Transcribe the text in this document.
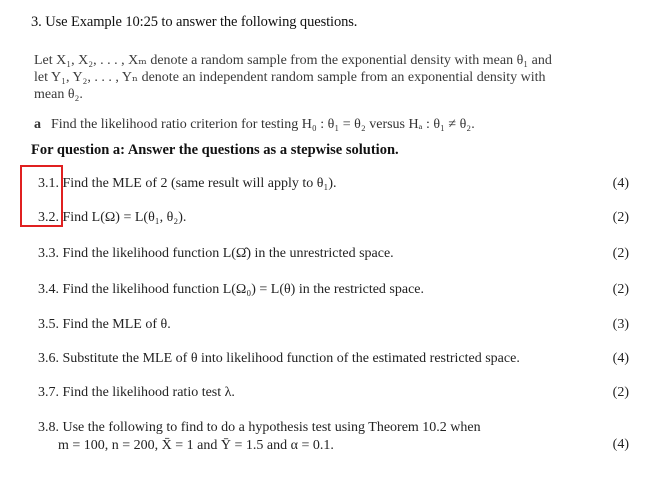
3. Use Example 10:25 to answer the following questions.
Let X₁, X₂, . . . , Xₘ denote a random sample from the exponential density with mean θ₁ and
let Y₁, Y₂, . . . , Yₙ denote an independent random sample from an exponential density with
mean θ₂.
a Find the likelihood ratio criterion for testing H₀ : θ₁ = θ₂ versus Hₐ : θ₁ ≠ θ₂.
For question a: Answer the questions as a stepwise solution.
3.1. Find the MLE of 2 (same result will apply to θ₁).	(4)
3.2. Find L(Ω) = L(θ₁, θ₂).	(2)
3.3. Find the likelihood function L(Ω̂) in the unrestricted space.	(2)
3.4. Find the likelihood function L(Ω₀) = L(θ) in the restricted space.	(2)
3.5. Find the MLE of θ.	(3)
3.6. Substitute the MLE of θ into likelihood function of the estimated restricted space.	(4)
3.7. Find the likelihood ratio test λ.	(2)
3.8. Use the following to find to do a hypothesis test using Theorem 10.2 when
m = 100, n = 200, X̄ = 1 and Ȳ = 1.5 and α = 0.1.	(4)
